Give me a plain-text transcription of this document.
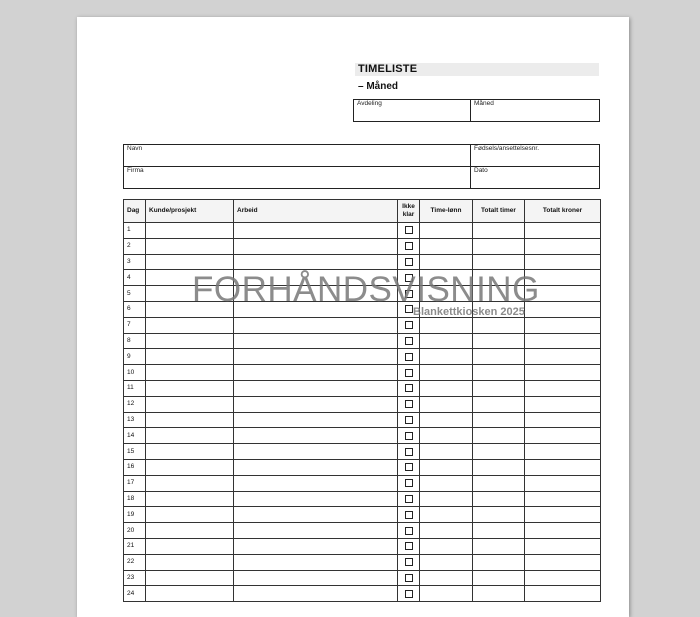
TIMELISTE
– Måned
Avdeling	Måned
Navn	Fødsels/ansettelsesnr.
Firma	Dato
Dag	Kunde/prosjekt	Arbeid	Ikke klar	Time-lønn	Totalt timer	Totalt kroner
1			

2			

3			

4			

5			

6			

7			

8			

9			

10			

11			

12			

13			

14			

15			

16			

17			

18			

19			

20			

21			

22			

23			

24			

FORHÅNDSVISNING
Blankettkiosken 2025
